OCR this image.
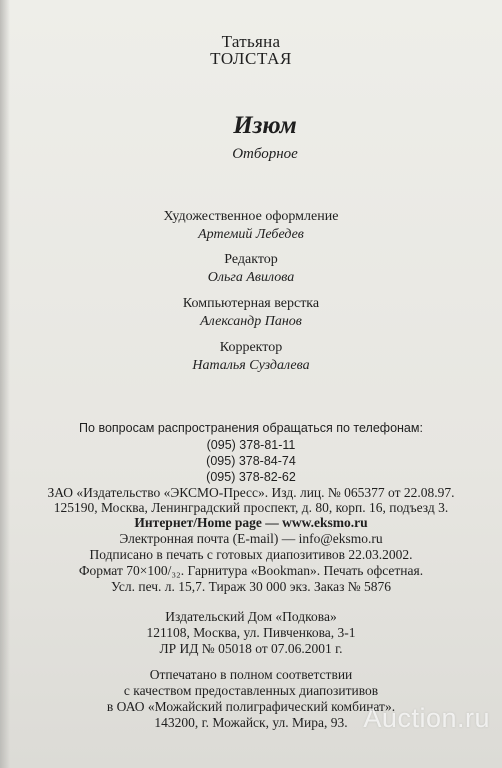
Татьяна
ТОЛСТАЯ
Изюм
Отборное
Художественное оформление
Артемий Лебедев
Редактор
Ольга Авилова
Компьютерная верстка
Александр Панов
Корректор
Наталья Суздалева
По вопросам распространения обращаться по телефонам:
(095) 378-81-11
(095) 378-84-74
(095) 378-82-62
ЗАО «Издательство «ЭКСМО-Пресс». Изд. лиц. № 065377 от 22.08.97.
125190, Москва, Ленинградский проспект, д. 80, корп. 16, подъезд 3.
Интернет/Home page — www.eksmo.ru
Электронная почта (E-mail) — info@eksmo.ru
Подписано в печать с готовых диапозитивов 22.03.2002.
Формат 70×100/₃₂. Гарнитура «Bookman». Печать офсетная.
Усл. печ. л. 15,7. Тираж 30 000 экз. Заказ № 5876
Издательский Дом «Подкова»
121108, Москва, ул. Пивченкова, 3-1
ЛР ИД № 05018 от 07.06.2001 г.
Отпечатано в полном соответствии
с качеством предоставленных диапозитивов
в ОАО «Можайский полиграфический комбинат».
143200, г. Можайск, ул. Мира, 93. Auction.ru
